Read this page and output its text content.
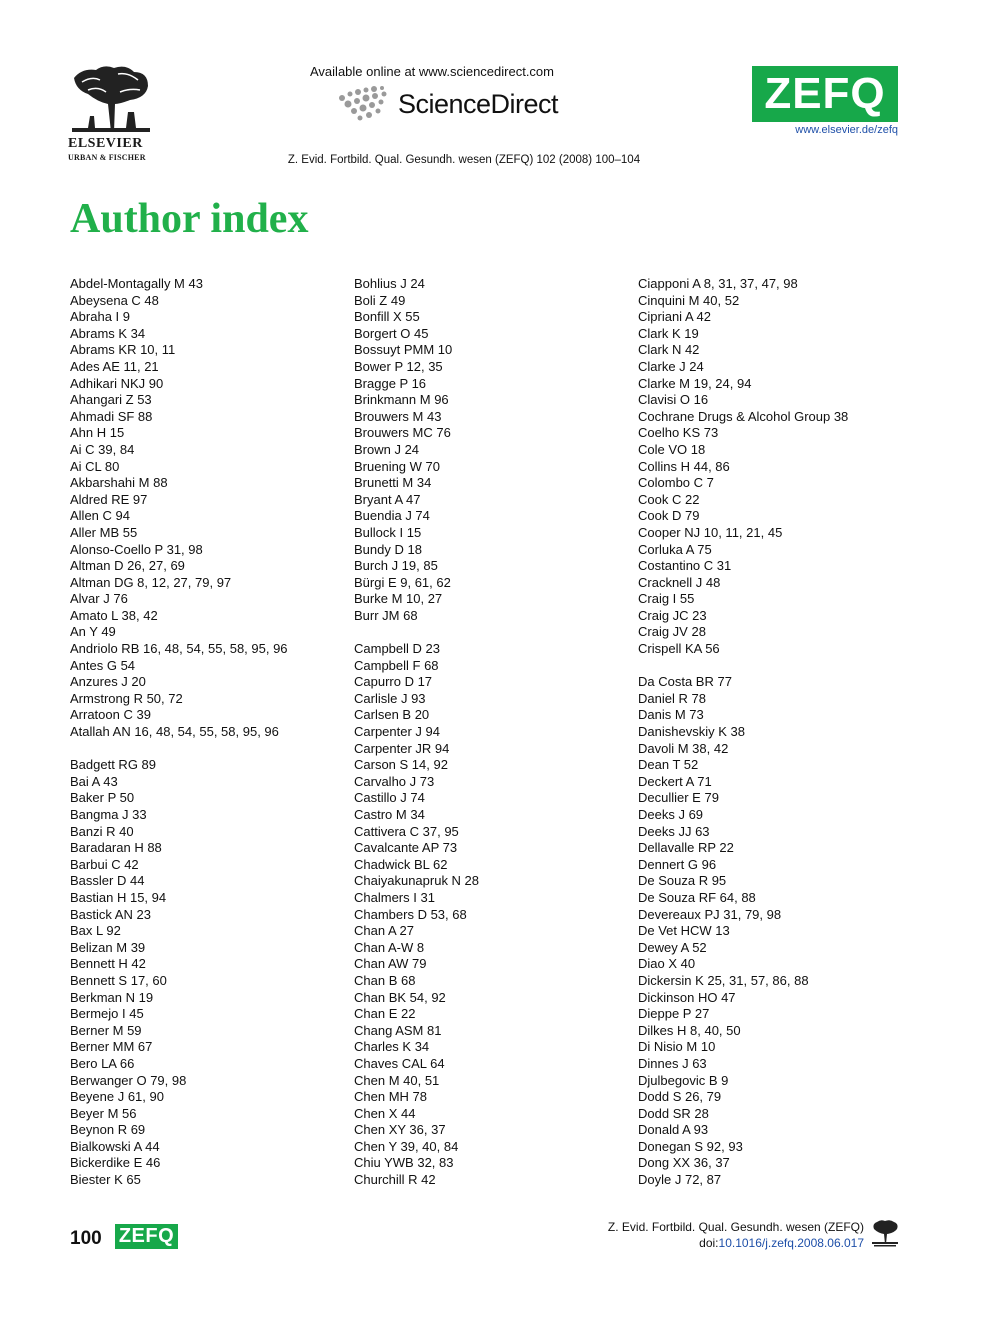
ELSEVIER
URBAN & FISCHER
Available online at www.sciencedirect.com
ScienceDirect	ZEFQ
www.elsevier.de/zefq
Z. Evid. Fortbild. Qual. Gesundh. wesen (ZEFQ) 102 (2008) 100–104
Author index
Abdel-Montagally M 43
Abeysena C 48
Abraha I 9
Abrams K 34
Abrams KR 10, 11
Ades AE 11, 21
Adhikari NKJ 90
Ahangari Z 53
Ahmadi SF 88
Ahn H 15
Ai C 39, 84
Ai CL 80
Akbarshahi M 88
Aldred RE 97
Allen C 94
Aller MB 55
Alonso-Coello P 31, 98
Altman D 26, 27, 69
Altman DG 8, 12, 27, 79, 97
Alvar J 76
Amato L 38, 42
An Y 49
Andriolo RB 16, 48, 54, 55, 58, 95, 96
Antes G 54
Anzures J 20
Armstrong R 50, 72
Arratoon C 39
Atallah AN 16, 48, 54, 55, 58, 95, 96
Badgett RG 89
Bai A 43
Baker P 50
Bangma J 33
Banzi R 40
Baradaran H 88
Barbui C 42
Bassler D 44
Bastian H 15, 94
Bastick AN 23
Bax L 92
Belizan M 39
Bennett H 42
Bennett S 17, 60
Berkman N 19
Bermejo I 45
Berner M 59
Berner MM 67
Bero LA 66
Berwanger O 79, 98
Beyene J 61, 90
Beyer M 56
Beynon R 69
Bialkowski A 44
Bickerdike E 46
Biester K 65
Bohlius J 24
Boli Z 49
Bonfill X 55
Borgert O 45
Bossuyt PMM 10
Bower P 12, 35
Bragge P 16
Brinkmann M 96
Brouwers M 43
Brouwers MC 76
Brown J 24
Bruening W 70
Brunetti M 34
Bryant A 47
Buendia J 74
Bullock I 15
Bundy D 18
Burch J 19, 85
Bürgi E 9, 61, 62
Burke M 10, 27
Burr JM 68
Campbell D 23
Campbell F 68
Capurro D 17
Carlisle J 93
Carlsen B 20
Carpenter J 94
Carpenter JR 94
Carson S 14, 92
Carvalho J 73
Castillo J 74
Castro M 34
Cattivera C 37, 95
Cavalcante AP 73
Chadwick BL 62
Chaiyakunapruk N 28
Chalmers I 31
Chambers D 53, 68
Chan A 27
Chan A-W 8
Chan AW 79
Chan B 68
Chan BK 54, 92
Chan E 22
Chang ASM 81
Charles K 34
Chaves CAL 64
Chen M 40, 51
Chen MH 78
Chen X 44
Chen XY 36, 37
Chen Y 39, 40, 84
Chiu YWB 32, 83
Churchill R 42
Ciapponi A 8, 31, 37, 47, 98
Cinquini M 40, 52
Cipriani A 42
Clark K 19
Clark N 42
Clarke J 24
Clarke M 19, 24, 94
Clavisi O 16
Cochrane Drugs & Alcohol Group 38
Coelho KS 73
Cole VO 18
Collins H 44, 86
Colombo C 7
Cook C 22
Cook D 79
Cooper NJ 10, 11, 21, 45
Corluka A 75
Costantino C 31
Cracknell J 48
Craig I 55
Craig JC 23
Craig JV 28
Crispell KA 56
Da Costa BR 77
Daniel R 78
Danis M 73
Danishevskiy K 38
Davoli M 38, 42
Dean T 52
Deckert A 71
Decullier E 79
Deeks J 69
Deeks JJ 63
Dellavalle RP 22
Dennert G 96
De Souza R 95
De Souza RF 64, 88
Devereaux PJ 31, 79, 98
De Vet HCW 13
Dewey A 52
Diao X 40
Dickersin K 25, 31, 57, 86, 88
Dickinson HO 47
Dieppe P 27
Dilkes H 8, 40, 50
Di Nisio M 10
Dinnes J 63
Djulbegovic B 9
Dodd S 26, 79
Dodd SR 28
Donald A 93
Donegan S 92, 93
Dong XX 36, 37
Doyle J 72, 87
100 ZEFQ	Z. Evid. Fortbild. Qual. Gesundh. wesen (ZEFQ)
doi:10.1016/j.zefq.2008.06.017
